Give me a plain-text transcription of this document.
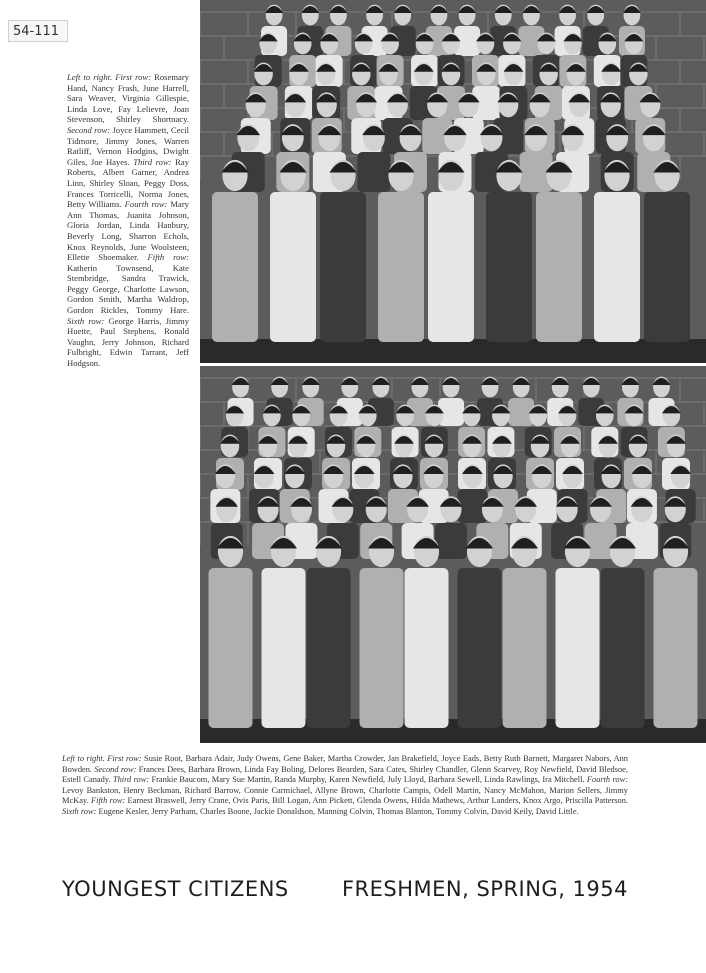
54-111
Left to right. First row: Rosemary Hand, Nancy Frash, June Harrell, Sara Weaver, Virginia Gillespie, Linda Love, Fay Lelievre, Joan Stevenson, Shirley Shortnacy. Second row: Joyce Hammett, Cecil Tidmore, Jimmy Jones, Warren Ratliff, Vernon Hodgins, Dwight Giles, Joe Hayes. Third row: Ray Roberts, Albert Garner, Andrea Linn, Shirley Sloan, Peggy Doss, Frances Torricelli, Norma Jones, Betty Williams. Fourth row: Mary Ann Thomas, Juanita Johnson, Gloria Jordan, Linda Hanbury, Beverly Long, Sharron Echols, Knox Reynolds, June Woolsteen, Ellette Shoemaker. Fifth row: Katherin Townsend, Kate Stembridge, Sandra Trawick, Peggy George, Charlotte Lawson, Gordon Smith, Martha Waldrop, Gordon Rickles, Tommy Hare. Sixth row: George Harris, Jimmy Huette, Paul Stephens, Ronald Vaughn, Jerry Johnson, Richard Fulbright, Edwin Tarrant, Jeff Hodgson.
Left to right. First row: Susie Root, Barbara Adair, Judy Owens, Gene Baker, Martha Crowder, Jan Brakefield, Joyce Eads, Betty Ruth Barnett, Margaret Nabors, Ann Bowden. Second row: Frances Dees, Barbara Brown, Linda Fay Boling, Delores Bearden, Sara Cates, Shirley Chandler, Glenn Scarvey, Roy Newfield, David Bledsoe, Estell Canady. Third row: Frankie Baucom, Mary Sue Martin, Randa Murphy, Karen Newfield, July Lloyd, Barbara Sewell, Linda Rawlings, Ira Mitchell. Fourth row: Levoy Bankston, Henry Beckman, Richard Barrow, Connie Carmichael, Allyne Brown, Charlotte Campis, Odell Martin, Nancy McMahon, Marion Sellers, Jimmy McKay. Fifth row: Earnest Braswell, Jerry Crane, Ovis Paris, Bill Logan, Ann Pickett, Glenda Owens, Hilda Mathews, Arthur Landers, Knox Argo, Priscilla Patterson. Sixth row: Eugene Kesler, Jerry Parham, Charles Boone, Jackie Donaldson, Manning Colvin, Thomas Blanton, Tommy Colvin, David Keily, David Little.
YOUNGEST CITIZENS	FRESHMEN, SPRING, 1954
